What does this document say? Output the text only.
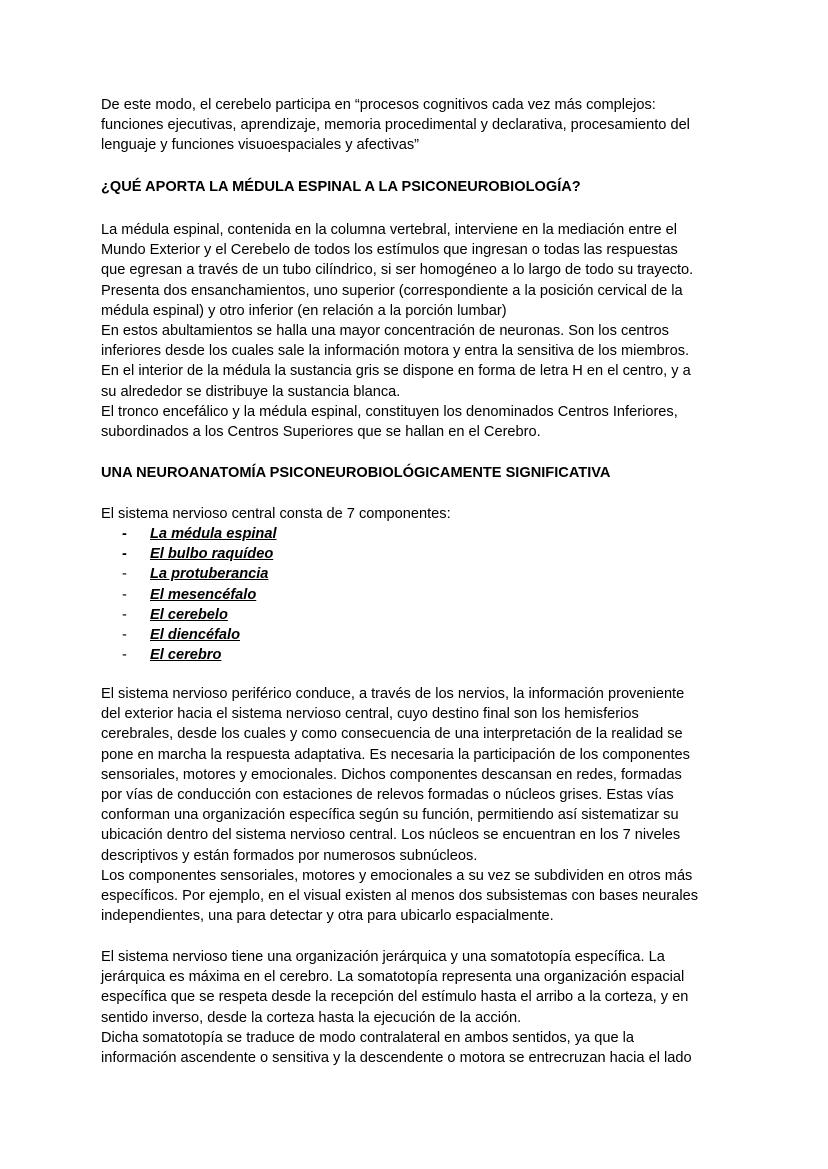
De este modo, el cerebelo participa en “procesos cognitivos cada vez más complejos:
funciones ejecutivas, aprendizaje, memoria procedimental y declarativa, procesamiento del
lenguaje y funciones visuoespaciales y afectivas”
¿QUÉ APORTA LA MÉDULA ESPINAL A LA PSICONEUROBIOLOGÍA?
La médula espinal, contenida en la columna vertebral, interviene en la mediación entre el
Mundo Exterior y el Cerebelo de todos los estímulos que ingresan o todas las respuestas
que egresan a través de un tubo cilíndrico, si ser homogéneo a lo largo de todo su trayecto.
Presenta dos ensanchamientos, uno superior (correspondiente a la posición cervical de la
médula espinal) y otro inferior (en relación a la porción lumbar)
En estos abultamientos se halla una mayor concentración de neuronas. Son los centros
inferiores desde los cuales sale la información motora y entra la sensitiva de los miembros.
En el interior de la médula la sustancia gris se dispone en forma de letra H en el centro, y a
su alrededor se distribuye la sustancia blanca.
El tronco encefálico y la médula espinal, constituyen los denominados Centros Inferiores,
subordinados a los Centros Superiores que se hallan en el Cerebro.
UNA NEUROANATOMÍA PSICONEUROBIOLÓGICAMENTE SIGNIFICATIVA
El sistema nervioso central consta de 7 componentes:
- La médula espinal
- El bulbo raquídeo
- La protuberancia
- El mesencéfalo
- El cerebelo
- El diencéfalo
- El cerebro
El sistema nervioso periférico conduce, a través de los nervios, la información proveniente
del exterior hacia el sistema nervioso central, cuyo destino final son los hemisferios
cerebrales, desde los cuales y como consecuencia de una interpretación de la realidad se
pone en marcha la respuesta adaptativa. Es necesaria la participación de los componentes
sensoriales, motores y emocionales. Dichos componentes descansan en redes, formadas
por vías de conducción con estaciones de relevos formadas o núcleos grises. Estas vías
conforman una organización específica según su función, permitiendo así sistematizar su
ubicación dentro del sistema nervioso central. Los núcleos se encuentran en los 7 niveles
descriptivos y están formados por numerosos subnúcleos.
Los componentes sensoriales, motores y emocionales a su vez se subdividen en otros más
específicos. Por ejemplo, en el visual existen al menos dos subsistemas con bases neurales
independientes, una para detectar y otra para ubicarlo espacialmente.
El sistema nervioso tiene una organización jerárquica y una somatotopía específica. La
jerárquica es máxima en el cerebro. La somatotopía representa una organización espacial
específica que se respeta desde la recepción del estímulo hasta el arribo a la corteza, y en
sentido inverso, desde la corteza hasta la ejecución de la acción.
Dicha somatotopía se traduce de modo contralateral en ambos sentidos, ya que la
información ascendente o sensitiva y la descendente o motora se entrecruzan hacia el lado
